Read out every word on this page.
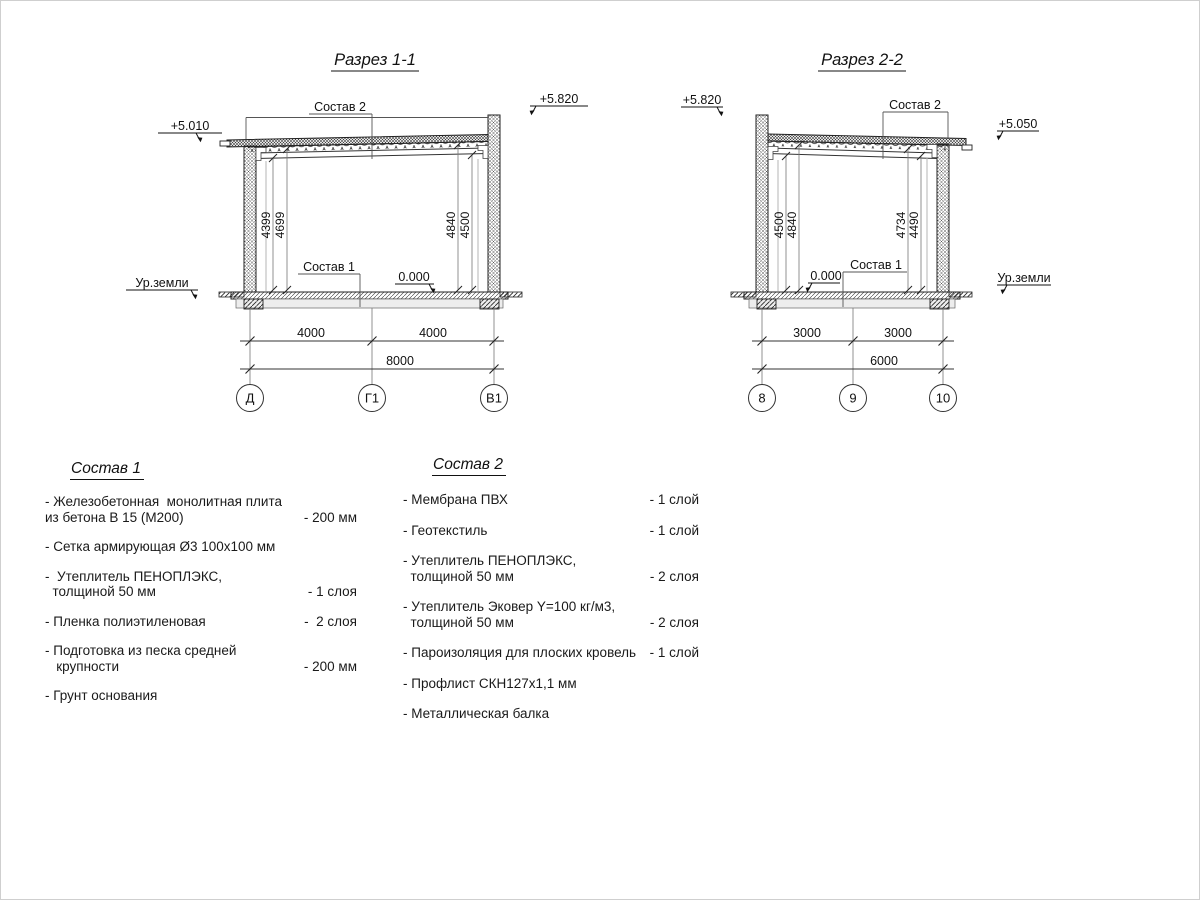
Разрез 1-1
Состав 2
Состав 1
+5.010
+5.820
0.000
Ур.земли
4399 4699	4840 4500
4000	4000
8000
Д	Г1	В1
Разрез 2-2
Состав 2
Состав 1
+5.820
+5.050
0.000	Ур.земли
4500 4840	4734 4490
3000	3000
6000
8	9	10
Состав 1
- Железобетонная  монолитная плита
из бетона В 15 (М200)	- 200 мм
- Сетка армирующая Ø3 100х100 мм
-  Утеплитель ПЕНОПЛЭКС,
толщиной 50 мм	- 1 слоя
- Пленка полиэтиленовая	-  2 слоя
- Подготовка из песка средней
крупности	- 200 мм
- Грунт основания
Состав 2
- Мембрана ПВХ	- 1 слой
- Геотекстиль	- 1 слой
- Утеплитель ПЕНОПЛЭКС,
толщиной 50 мм	- 2 слоя
- Утеплитель Эковер Y=100 кг/м3,
толщиной 50 мм	- 2 слоя
- Пароизоляция для плоских кровель	- 1 слой
- Профлист СКН127х1,1 мм
- Металлическая балка
